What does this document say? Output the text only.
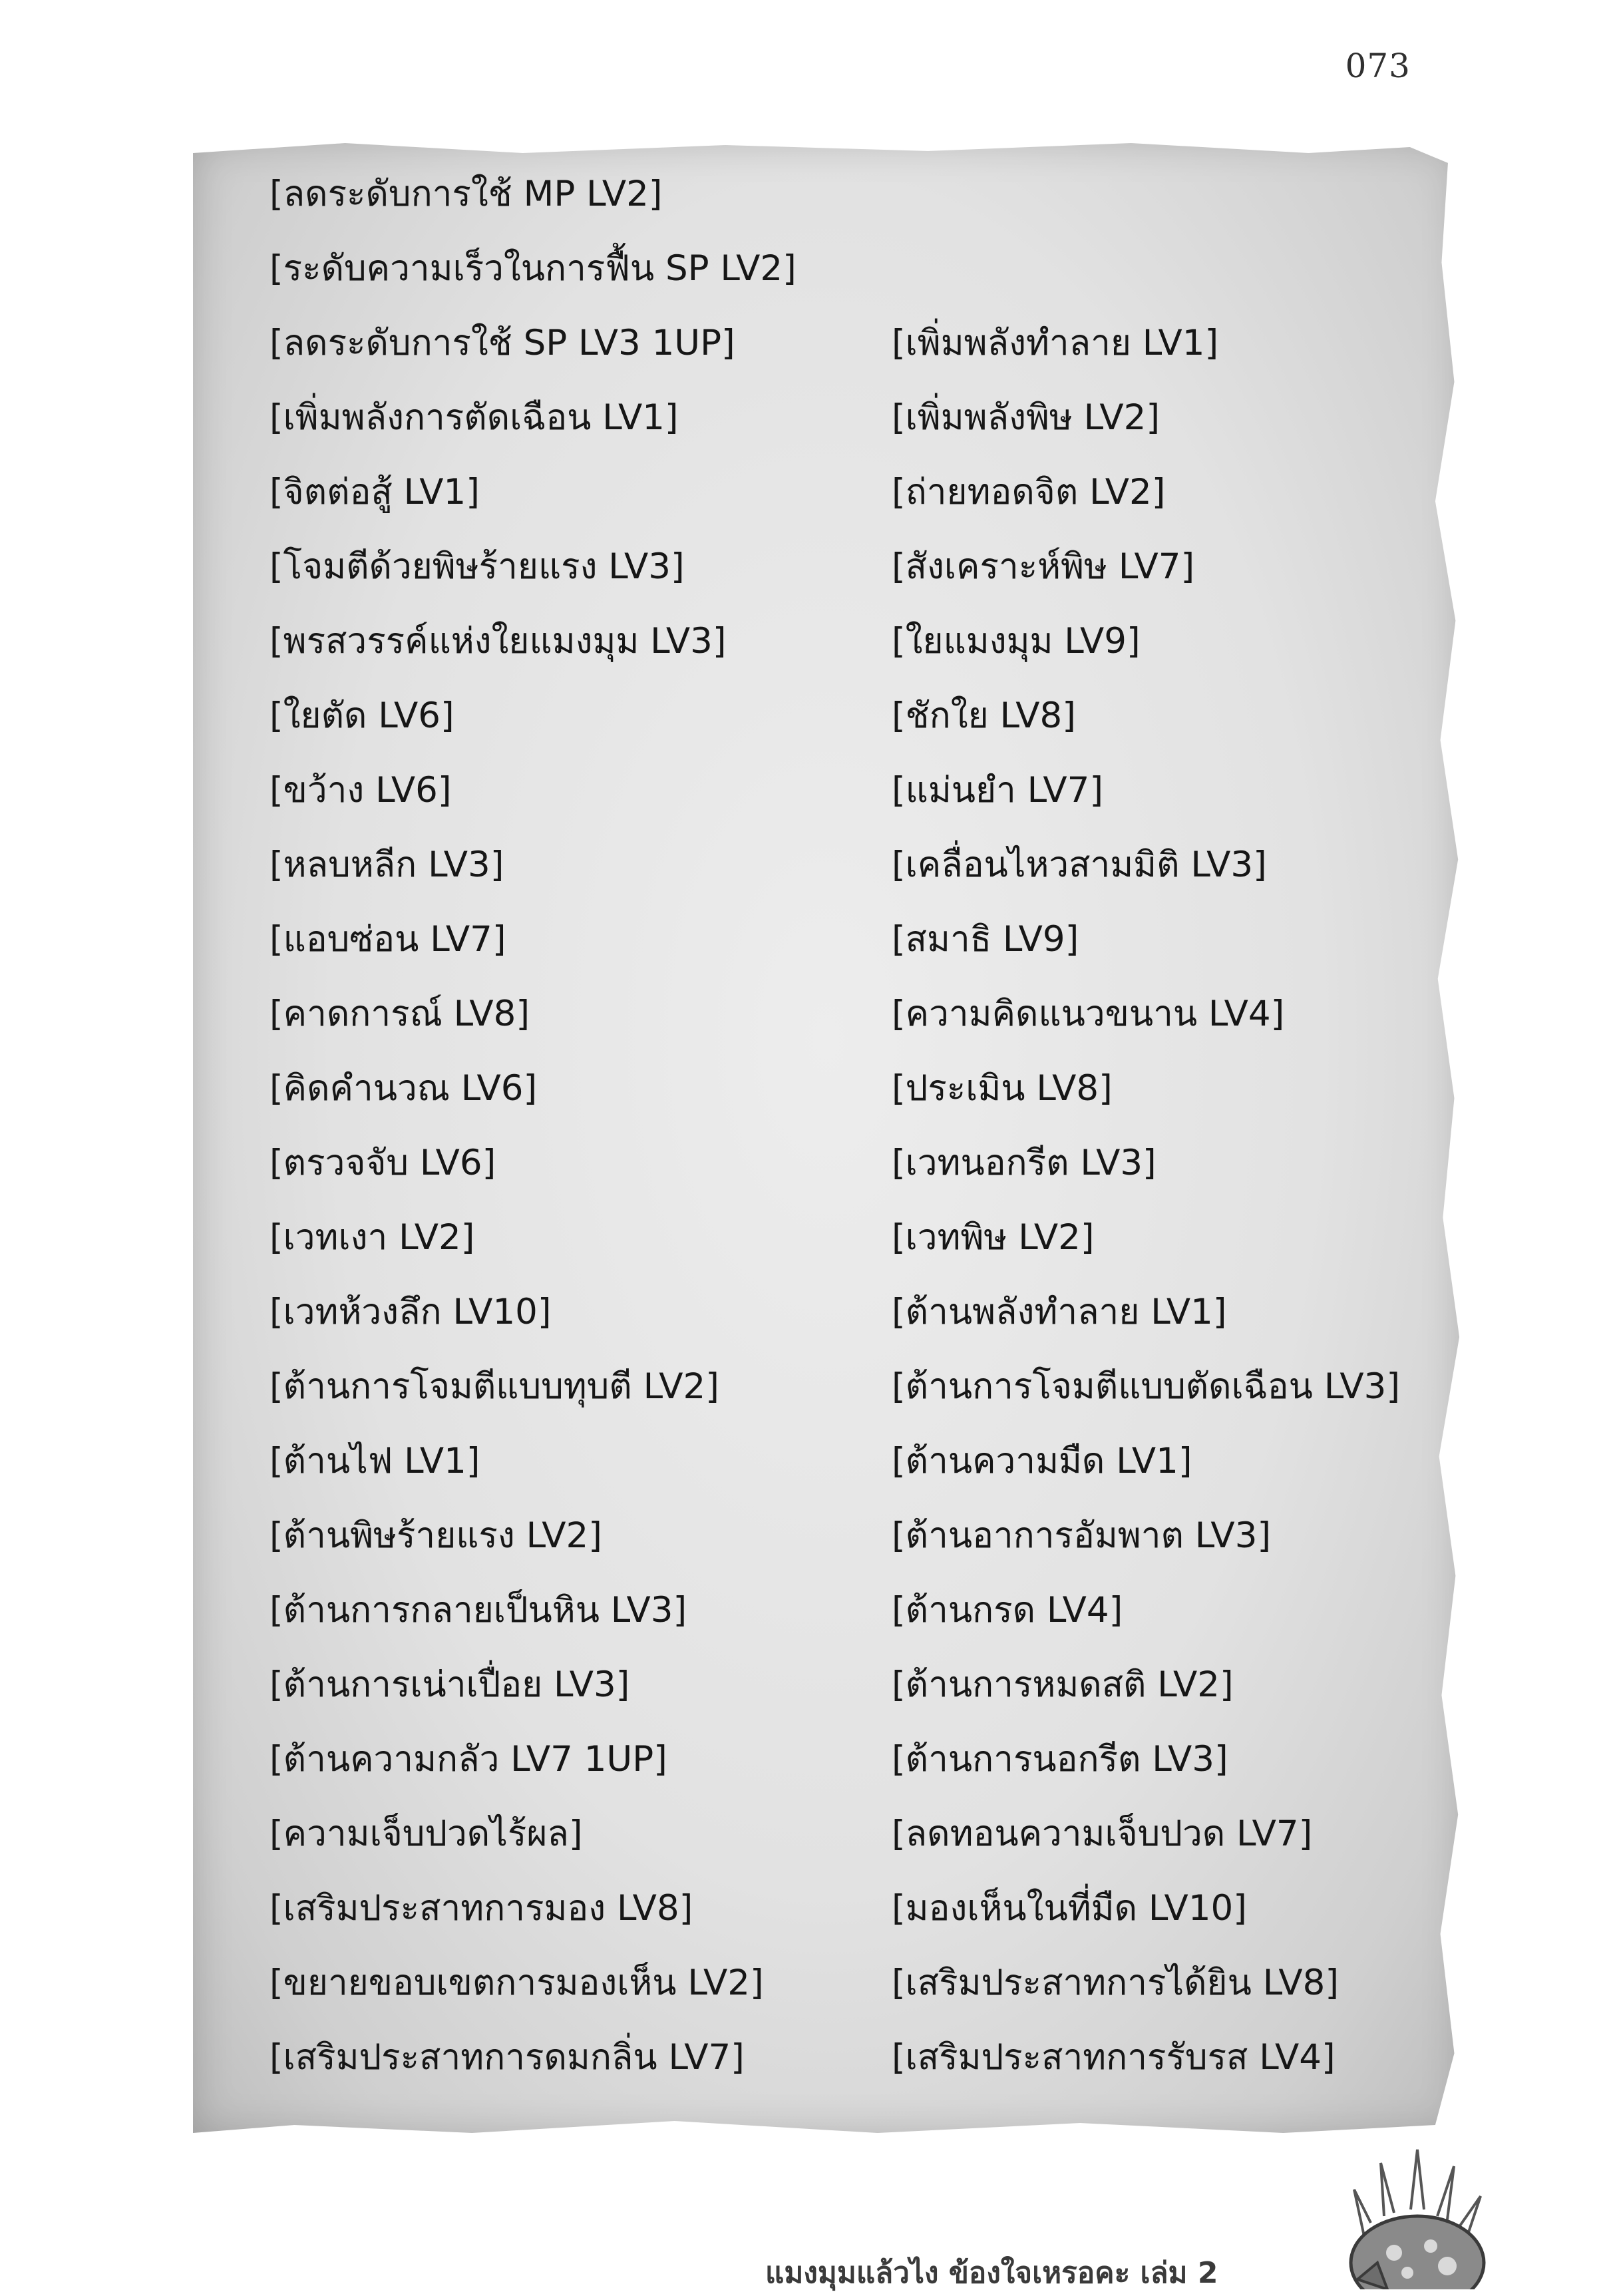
073
[ลดระดับการใช้ MP LV2]
[ระดับความเร็วในการฟื้น SP LV2]
[ลดระดับการใช้ SP LV3 1UP]
[เพิ่มพลังการตัดเฉือน LV1]
[จิตต่อสู้ LV1]
[โจมตีด้วยพิษร้ายแรง LV3]
[พรสวรรค์แห่งใยแมงมุม LV3]
[ใยตัด LV6]
[ขว้าง LV6]
[หลบหลีก LV3]
[แอบซ่อน LV7]
[คาดการณ์ LV8]
[คิดคำนวณ LV6]
[ตรวจจับ LV6]
[เวทเงา LV2]
[เวทห้วงลึก LV10]
[ต้านการโจมตีแบบทุบตี LV2]
[ต้านไฟ LV1]
[ต้านพิษร้ายแรง LV2]
[ต้านการกลายเป็นหิน LV3]
[ต้านการเน่าเปื่อย LV3]
[ต้านความกลัว LV7 1UP]
[ความเจ็บปวดไร้ผล]
[เสริมประสาทการมอง LV8]
[ขยายขอบเขตการมองเห็น LV2]
[เสริมประสาทการดมกลิ่น LV7]
[เพิ่มพลังทำลาย LV1]
[เพิ่มพลังพิษ LV2]
[ถ่ายทอดจิต LV2]
[สังเคราะห์พิษ LV7]
[ใยแมงมุม LV9]
[ชักใย LV8]
[แม่นยำ LV7]
[เคลื่อนไหวสามมิติ LV3]
[สมาธิ LV9]
[ความคิดแนวขนาน LV4]
[ประเมิน LV8]
[เวทนอกรีต LV3]
[เวทพิษ LV2]
[ต้านพลังทำลาย LV1]
[ต้านการโจมตีแบบตัดเฉือน LV3]
[ต้านความมืด LV1]
[ต้านอาการอัมพาต LV3]
[ต้านกรด LV4]
[ต้านการหมดสติ LV2]
[ต้านการนอกรีต LV3]
[ลดทอนความเจ็บปวด LV7]
[มองเห็นในที่มืด LV10]
[เสริมประสาทการได้ยิน LV8]
[เสริมประสาทการรับรส LV4]
แมงมุมแล้วไง ข้องใจเหรอคะ เล่ม 2
